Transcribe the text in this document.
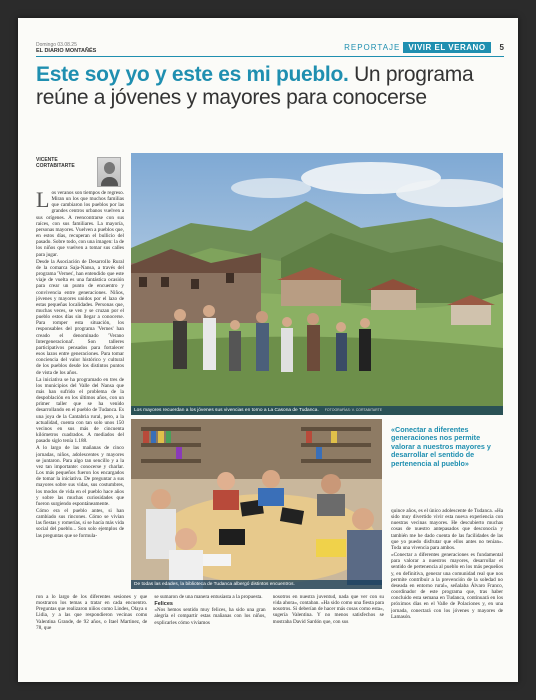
Domingo 03.08.25
EL DIARIO MONTAÑÉS	REPORTAJE	VIVIR EL VERANO	5
Este soy yo y este es mi pueblo. Un programa reúne a jóvenes y mayores para conocerse
VICENTE
CORTABITARTE

Los veranos son tiempos de regreso. Miran un los que muchos familias que cambiaron los pueblos por las grandes centros urbanos vuelven a sus orígenes. A reencontrarse con sus raíces, con sus familiares. La mayoría, personas mayores. Vuelven a pueblos que, en estos días, recuperan el bullicio del pasado. Sobre todo, con una imagen: la de los niños que vuelven a tomar sus calles para jugar.

Desde la Asociación de Desarrollo Rural de la comarca Saja-Nansa, a través del programa 'Vernes', han entendido que este viaje de vuelta es una fantástica ocasión para crear un punto de encuentro y convivencia entre generaciones. Niños, jóvenes y mayores unidos por el lazo de estas pequeñas localidades. Personas que, muchas veces, se ven y se cruzan por el pueblo estos días sin llegar a conocerse. Para romper esta situación, los responsables del programa 'Vernes' han creado el denominado 'Verano Intergeneracional'. Son talleres participativos pensados para fortalecer esos lazos entre generaciones. Para tomar conciencia del valor histórico y cultural de los pueblos desde los distintos puntos de vista de los años.

La iniciativa se ha programado en tres de los municipios del Valle del Nansa que más han sufrido el problema de la despoblación en los últimos años, con un primer taller que se ha venido desarrollando en el pueblo de Tudanca. Es una joya de la Cantabria rural, pero, a la actualidad, cuenta con tan solo unos 150 vecinos en sus más de cincuenta kilómetros cuadrados. A mediados del pasado siglo tenía 1.188.

A lo largo de las mañanas de cinco jornadas, niños, adolescentes y mayores se juntaron. Para algo tan sencillo y a la vez tan importante: conocerse y charlar. Los más pequeños fueron los encargados de tomar la iniciativa. De preguntar a sus mayores sobre sus vidas, sus costumbres, los modos de vida en el pueblo hace años y sobre las muchas curiosidades que fueron surgiendo espontáneamente.

Cómo era el pueblo antes, si han cambiado sus rincones. Cómo se vivían las fiestas y romerías, si se hacía más vida social del pueblo... Son solo ejemplos de las preguntas que se formula-

Los mayores recuerdan a los jóvenes sus vivencias en torno a La Casona de Tudanca. FOTOGRAFÍAS: V. CORTABITARTE
De todas las edades, la biblioteca de Tudanca albergó distintos encuentros.
«Conectar a diferentes generaciones nos permite valorar a nuestros mayores y desarrollar el sentido de pertenencia al pueblo»

quince años, es el único adolescente de Tudanca. «Ha sido muy divertido vivir esta nueva experiencia con nuestras vecinas mayores. He descubierto muchas cosas de nuestro antepasados que desconocía y también me he dado cuenta de las facilidades de las que yo puedo disfrutar que ellos antes no tenían». Toda una vivencia para ambos.

«Conectar a diferentes generaciones es fundamental para valorar a nuestros mayores, desarrollar el sentido de pertenencia al pueblo en los más pequeños y, en definitiva, generar una comunidad real que nos permite contribuir a la prevención de la soledad no deseada en entorno rural», señalaba Álvaro Franco, coordinador de este programa que, tras haber concluido esta semana en Tudanca, continuará en los próximos días en el Valle de Polaciones y, en una jornada, conectará con los jóvenes y mayores de Lamasón.

ron a lo largo de los diferentes sesiones y que mostraron los temas a tratar en cada encuentro. Preguntas que realizaron niños como Lindes, Olaya o Lidia, y a las que respondieron vecinas como Valentina Grande, de 92 años, o Itael Martinez, de 78, que

se sumaron de una manera entusiasta a la propuesta.

Felices

«Nos hemos sentido muy felices, ha sido una gran alegría el compartir estas mañanas con los niños, explicarles cómo vivíamos

nosotros en nuestra juventud, nada que ver con su vida ahora», contaban. «Ha sido como una fiesta para nosotros. Si deberían de hacer más cosas como esta», sugería Valentina. Y no menos satisfechos se mostraba David Sardón que, con sus
